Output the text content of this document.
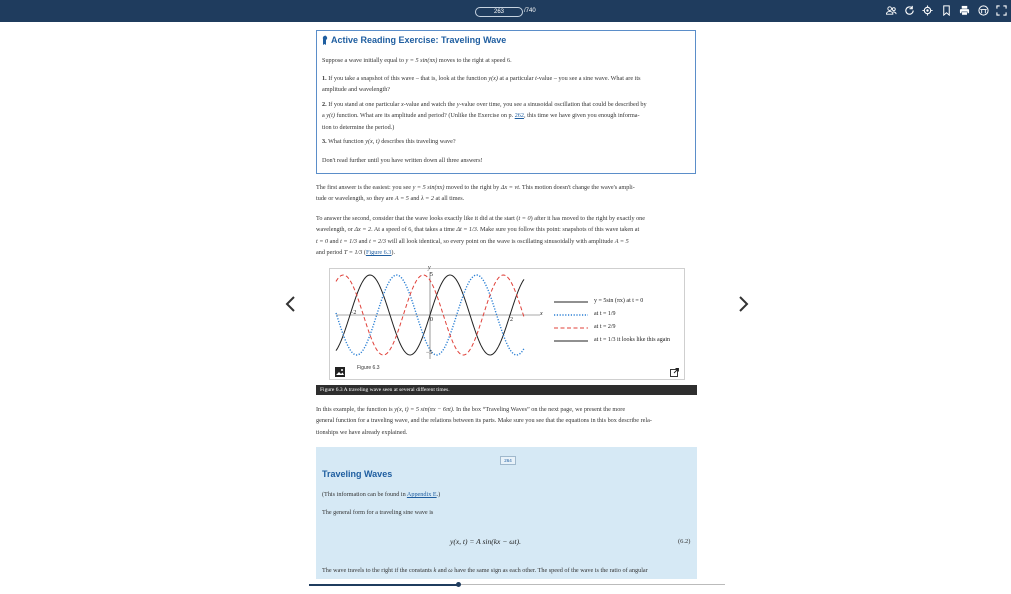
263	/740
Active Reading Exercise: Traveling Wave
Suppose a wave initially equal to y = 5 sin(πx) moves to the right at speed 6.
1. If you take a snapshot of this wave – that is, look at the function y(x) at a particular t-value – you see a sine wave. What are its
amplitude and wavelength?
2. If you stand at one particular x-value and watch the y-value over time, you see a sinusoidal oscillation that could be described by
a y(t) function. What are its amplitude and period? (Unlike the Exercise on p. 262, this time we have given you enough informa-
tion to determine the period.)
3. What function y(x, t) describes this traveling wave?
Don't read further until you have written down all three answers!
The first answer is the easiest: you see y = 5 sin(πx) moved to the right by Δx = vt. This motion doesn't change the wave's ampli-
tude or wavelength, so they are A = 5 and λ = 2 at all times.
To answer the second, consider that the wave looks exactly like it did at the start (t = 0) after it has moved to the right by exactly one
wavelength, or Δx = 2. At a speed of 6, that takes a time Δt = 1/3. Make sure you follow this point: snapshots of this wave taken at
t = 0 and t = 1/3 and t = 2/3 will all look identical, so every point on the wave is oscillating sinusoidally with amplitude A = 5
and period T = 1/3 (Figure 6.3).
y = 5sin (πx) at t = 0
at t = 1/9
at t = 2/9
at t = 1/3 it looks like this again
x
y
−2
0	2
5
−5
Figure 6.3
Figure 6.3 A traveling wave seen at several different times.
In this example, the function is y(x, t) = 5 sin(πx − 6πt). In the box “Traveling Waves” on the next page, we present the more
general function for a traveling wave, and the relations between its parts. Make sure you see that the equations in this box describe rela-
tionships we have already explained.
264
Traveling Waves
(This information can be found in Appendix E.)
The general form for a traveling sine wave is
y(x, t) = A sin(kx − ωt).	(6.2)
The wave travels to the right if the constants k and ω have the same sign as each other. The speed of the wave is the ratio of angular
